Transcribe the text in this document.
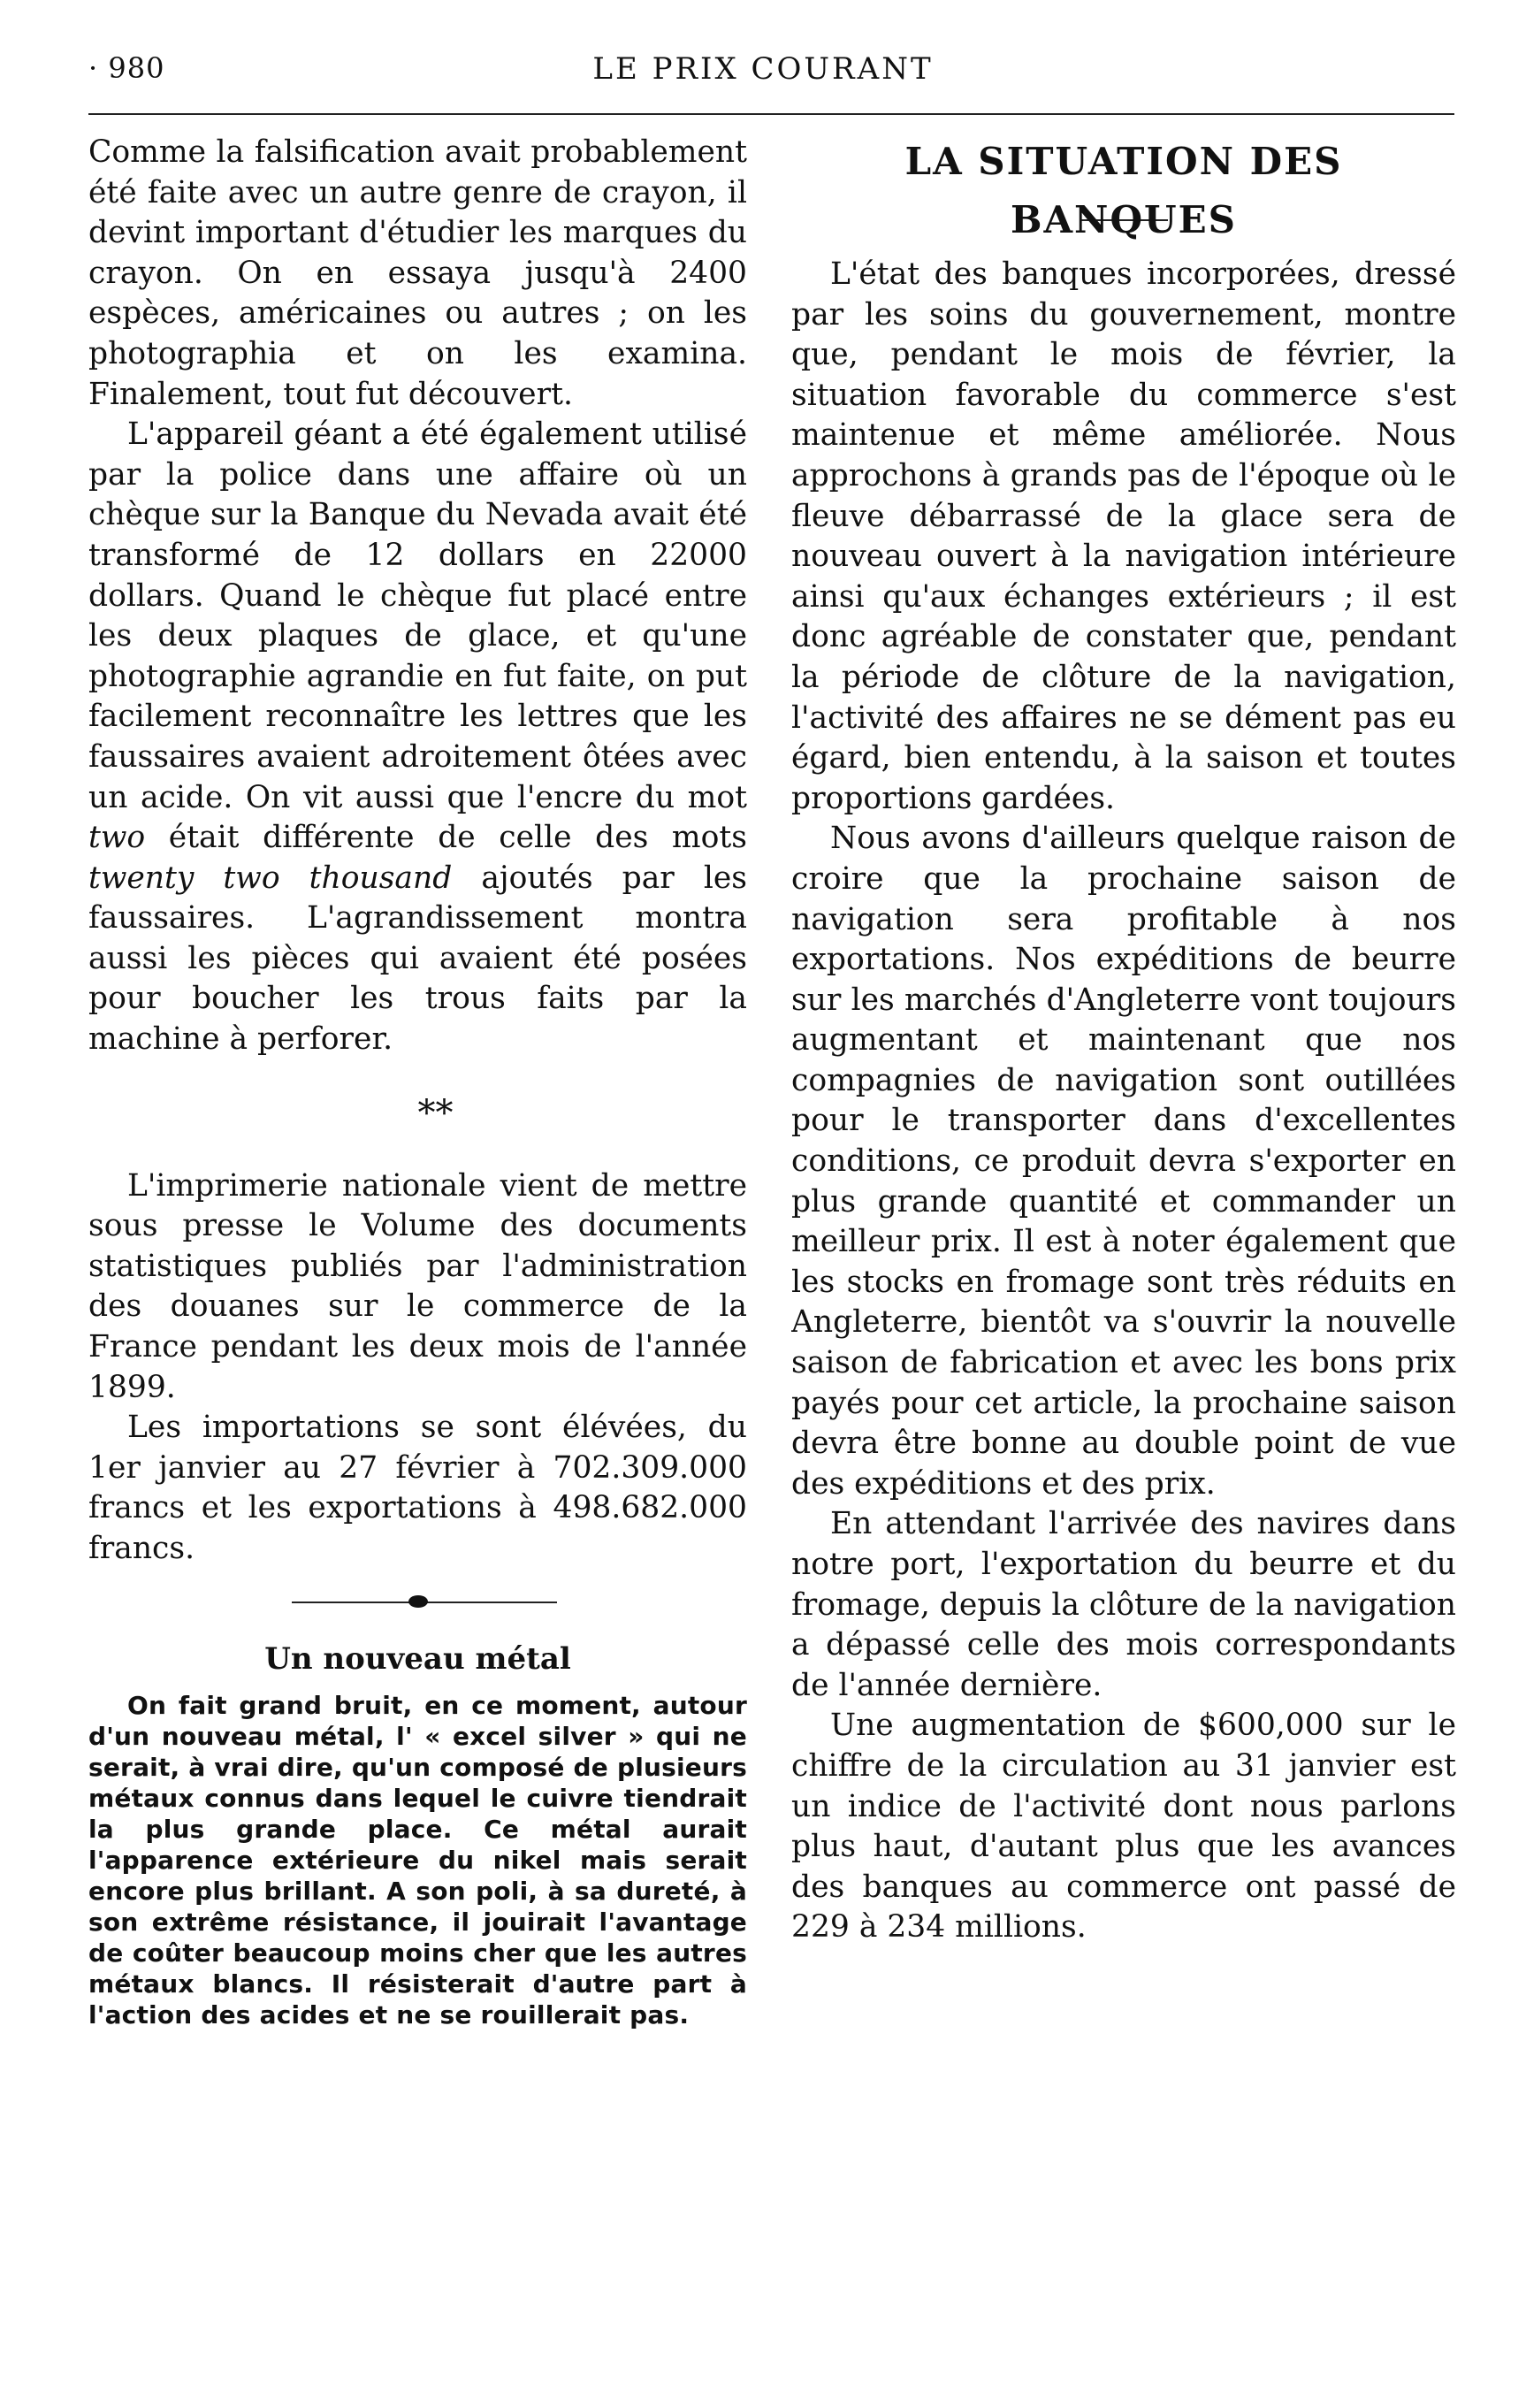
· 980	LE PRIX COURANT

Comme la falsification avait probablement été faite avec un autre genre de crayon, il devint important d'étudier les marques du crayon. On en essaya jusqu'à 2400 espèces, américaines ou autres ; on les photographia et on les examina. Finalement, tout fut découvert.

L'appareil géant a été également utilisé par la police dans une affaire où un chèque sur la Banque du Nevada avait été transformé de 12 dollars en 22000 dollars. Quand le chèque fut placé entre les deux plaques de glace, et qu'une photographie agrandie en fut faite, on put facilement reconnaître les lettres que les faussaires avaient adroitement ôtées avec un acide. On vit aussi que l'encre du mot two était différente de celle des mots twenty two thousand ajoutés par les faussaires. L'agrandissement montra aussi les pièces qui avaient été posées pour boucher les trous faits par la machine à perforer.

**

L'imprimerie nationale vient de mettre sous presse le Volume des documents statistiques publiés par l'administration des douanes sur le commerce de la France pendant les deux mois de l'année 1899.

Les importations se sont élévées, du 1er janvier au 27 février à 702.309.000 francs et les exportations à 498.682.000 francs.

Un nouveau métal

On fait grand bruit, en ce moment, autour d'un nouveau métal, l' « excel silver » qui ne serait, à vrai dire, qu'un composé de plusieurs métaux connus dans lequel le cuivre tiendrait la plus grande place. Ce métal aurait l'apparence extérieure du nikel mais serait encore plus brillant. A son poli, à sa dureté, à son extrême résistance, il jouirait l'avantage de coûter beaucoup moins cher que les autres métaux blancs. Il résisterait d'autre part à l'action des acides et ne se rouillerait pas.

LA SITUATION DES BANQUES

L'état des banques incorporées, dressé par les soins du gouvernement, montre que, pendant le mois de février, la situation favorable du commerce s'est maintenue et même améliorée. Nous approchons à grands pas de l'époque où le fleuve débarrassé de la glace sera de nouveau ouvert à la navigation intérieure ainsi qu'aux échanges extérieurs ; il est donc agréable de constater que, pendant la période de clôture de la navigation, l'activité des affaires ne se dément pas eu égard, bien entendu, à la saison et toutes proportions gardées.

Nous avons d'ailleurs quelque raison de croire que la prochaine saison de navigation sera profitable à nos exportations. Nos expéditions de beurre sur les marchés d'Angleterre vont toujours augmentant et maintenant que nos compagnies de navigation sont outillées pour le transporter dans d'excellentes conditions, ce produit devra s'exporter en plus grande quantité et commander un meilleur prix. Il est à noter également que les stocks en fromage sont très réduits en Angleterre, bientôt va s'ouvrir la nouvelle saison de fabrication et avec les bons prix payés pour cet article, la prochaine saison devra être bonne au double point de vue des expéditions et des prix.

En attendant l'arrivée des navires dans notre port, l'exportation du beurre et du fromage, depuis la clôture de la navigation a dépassé celle des mois correspondants de l'année dernière.

Une augmentation de $600,000 sur le chiffre de la circulation au 31 janvier est un indice de l'activité dont nous parlons plus haut, d'autant plus que les avances des banques au commerce ont passé de 229 à 234 millions.
